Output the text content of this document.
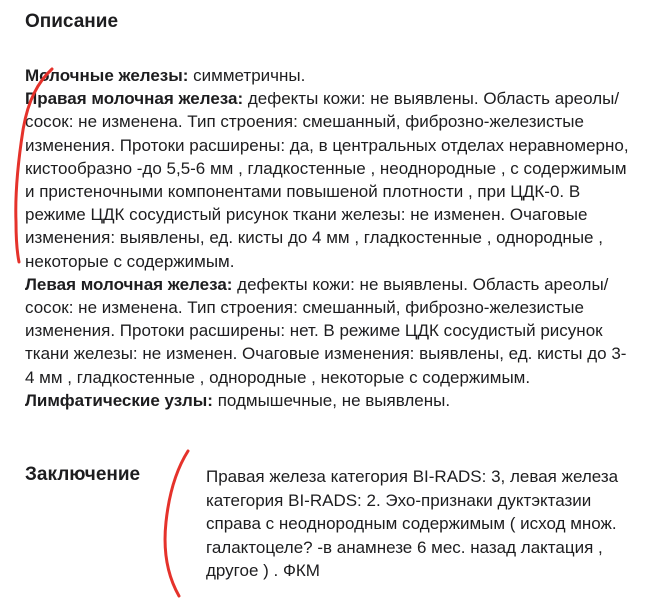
Описание

Молочные железы: симметричны.

Правая молочная железа: дефекты кожи: не выявлены. Область ареолы/сосок: не изменена. Тип строения: смешанный, фиброзно-железистые изменения. Протоки расширены: да, в центральных отделах неравномерно, кистообразно -до 5,5-6 мм , гладкостенные , неоднородные , с содержимым и пристеночными компонентами повышеной плотности , при ЦДК-0. В режиме ЦДК сосудистый рисунок ткани железы: не изменен. Очаговые изменения: выявлены, ед. кисты до 4 мм , гладкостенные , однородные , некоторые с содержимым.

Левая молочная железа: дефекты кожи: не выявлены. Область ареолы/сосок: не изменена. Тип строения: смешанный, фиброзно-железистые изменения. Протоки расширены: нет. В режиме ЦДК сосудистый рисунок ткани железы: не изменен. Очаговые изменения: выявлены, ед. кисты до 3-4 мм , гладкостенные , однородные , некоторые с содержимым.

Лимфатические узлы: подмышечные, не выявлены.

Заключение	Правая железа категория BI-RADS: 3, левая железа категория BI-RADS: 2. Эхо-признаки дуктэктазии справа с неоднородным содержимым ( исход множ. галактоцеле? -в анамнезе 6 мес. назад лактация , другое ) . ФКМ
